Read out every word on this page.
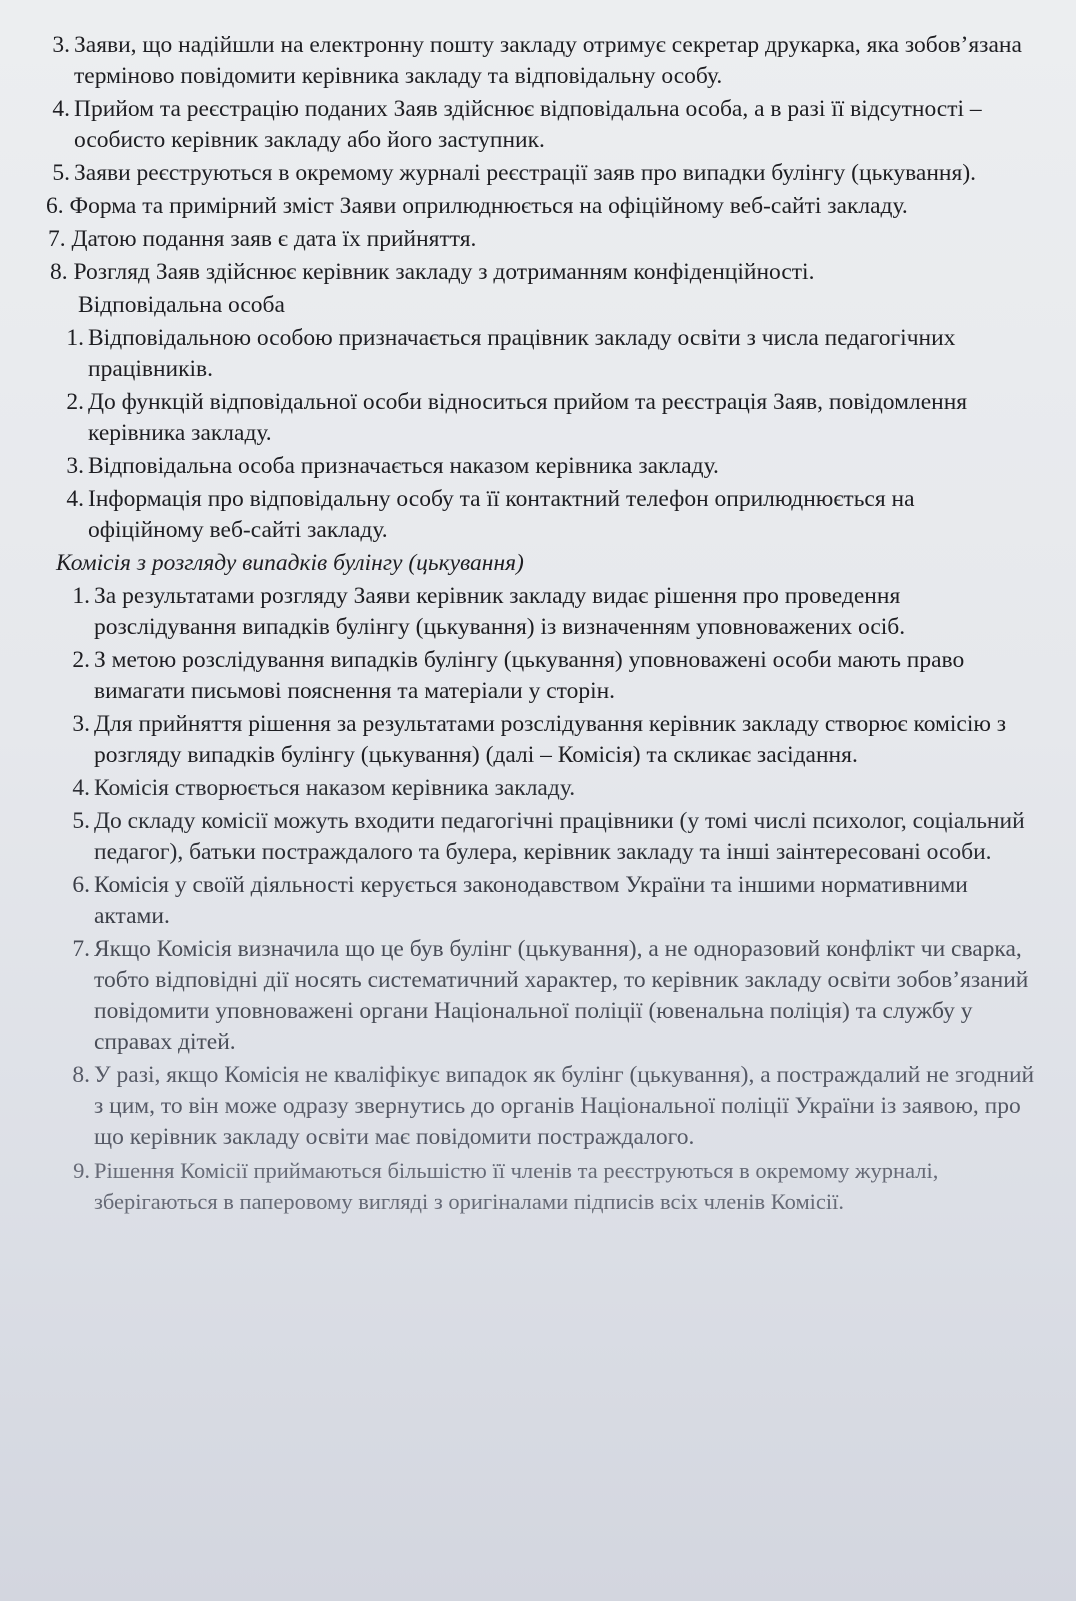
3. Заяви, що надійшли на електронну пошту закладу отримує секретар друкарка, яка зобов’язана терміново повідомити керівника закладу та відповідальну особу.
4. Прийом та реєстрацію поданих Заяв здійснює відповідальна особа, а в разі її відсутності – особисто керівник закладу або його заступник.
5. Заяви реєструються в окремому журналі реєстрації заяв про випадки булінгу (цькування).
6. Форма та примірний зміст Заяви оприлюднюється на офіційному веб-сайті закладу.
7. Датою подання заяв є дата їх прийняття.
8. Розгляд Заяв здійснює керівник закладу з дотриманням конфіденційності.
Відповідальна особа
1. Відповідальною особою призначається працівник закладу освіти з числа педагогічних працівників.
2. До функцій відповідальної особи відноситься прийом та реєстрація Заяв, повідомлення керівника закладу.
3. Відповідальна особа призначається наказом керівника закладу.
4. Інформація про відповідальну особу та її контактний телефон оприлюднюється на офіційному веб-сайті закладу.
Комісія з розгляду випадків булінгу (цькування)
1. За результатами розгляду Заяви керівник закладу видає рішення про проведення розслідування випадків булінгу (цькування) із визначенням уповноважених осіб.
2. З метою розслідування випадків булінгу (цькування) уповноважені особи мають право вимагати письмові пояснення та матеріали у сторін.
3. Для прийняття рішення за результатами розслідування керівник закладу створює комісію з розгляду випадків булінгу (цькування) (далі – Комісія) та скликає засідання.
4. Комісія створюється наказом керівника закладу.
5. До складу комісії можуть входити педагогічні працівники (у томі числі психолог, соціальний педагог), батьки постраждалого та булера, керівник закладу та інші заінтересовані особи.
6. Комісія у своїй діяльності керується законодавством України та іншими нормативними актами.
7. Якщо Комісія визначила що це був булінг (цькування), а не одноразовий конфлікт чи сварка, тобто відповідні дії носять систематичний характер, то керівник закладу освіти зобов’язаний повідомити уповноважені органи Національної поліції (ювенальна поліція) та службу у справах дітей.
8. У разі, якщо Комісія не кваліфікує випадок як булінг (цькування), а постраждалий не згодний з цим, то він може одразу звернутись до органів Національної поліції України із заявою, про що керівник закладу освіти має повідомити постраждалого.
9. Рішення Комісії приймаються більшістю її членів та реєструються в окремому журналі, зберігаються в паперовому вигляді з оригіналами підписів всіх членів Комісії.
